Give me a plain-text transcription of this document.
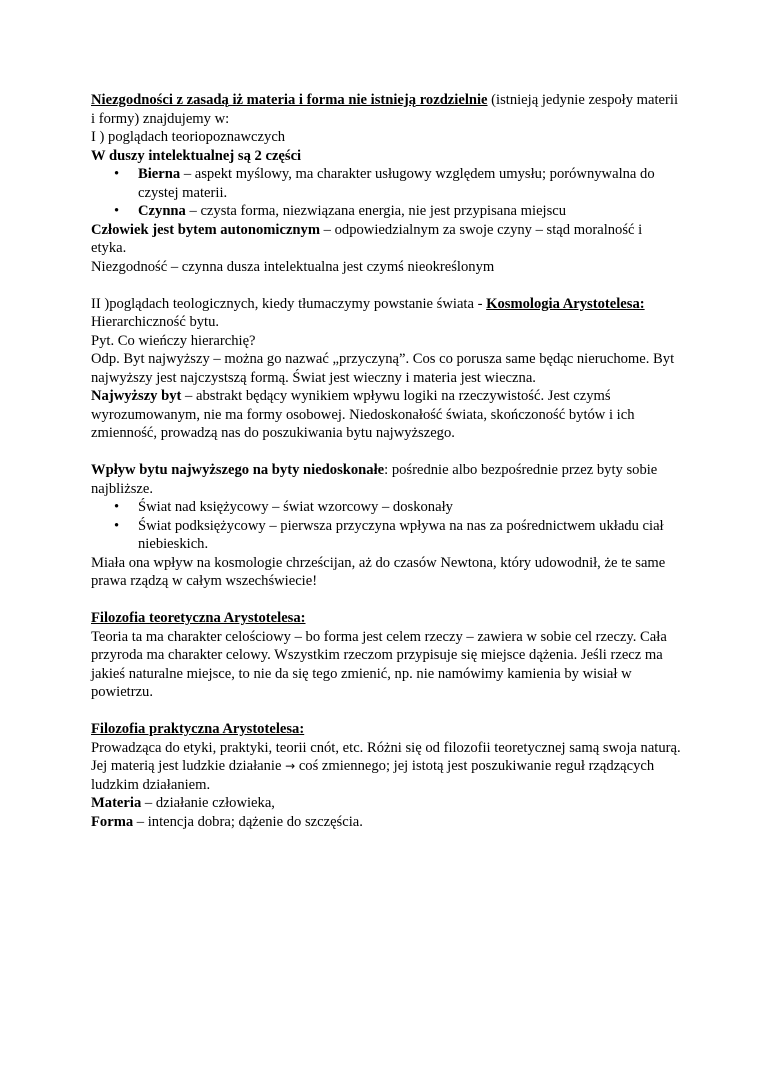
Niezgodności z zasadą iż materia i forma nie istnieją rozdzielnie (istnieją jedynie zespoły materii i formy) znajdujemy w:

I ) poglądach teoriopoznawczych

W duszy intelektualnej są 2 części

• Bierna – aspekt myślowy, ma charakter usługowy względem umysłu; porównywalna do czystej materii.
• Czynna – czysta forma, niezwiązana energia, nie jest przypisana miejscu

Człowiek jest bytem autonomicznym – odpowiedzialnym za swoje czyny – stąd moralność i etyka.

Niezgodność – czynna dusza intelektualna jest czymś nieokreślonym

II )poglądach teologicznych, kiedy tłumaczymy powstanie świata - Kosmologia Arystotelesa:

Hierarchiczność bytu.

Pyt. Co wieńczy hierarchię?

Odp. Byt najwyższy – można go nazwać „przyczyną”. Cos co porusza same będąc nieruchome. Byt najwyższy jest najczystszą formą. Świat jest wieczny i materia jest wieczna.

Najwyższy byt – abstrakt będący wynikiem wpływu logiki na rzeczywistość. Jest czymś wyrozumowanym, nie ma formy osobowej. Niedoskonałość świata, skończoność bytów i ich zmienność, prowadzą nas do poszukiwania bytu najwyższego.

Wpływ bytu najwyższego na byty niedoskonałe: pośrednie albo bezpośrednie przez byty sobie najbliższe.

• Świat nad księżycowy – świat wzorcowy – doskonały
• Świat podksiężycowy – pierwsza przyczyna wpływa na nas za pośrednictwem układu ciał niebieskich.

Miała ona wpływ na kosmologie chrześcijan, aż do czasów Newtona, który udowodnił, że te same prawa rządzą w całym wszechświecie!

Filozofia teoretyczna Arystotelesa:

Teoria ta ma charakter celościowy – bo forma jest celem rzeczy – zawiera w sobie cel rzeczy. Cała przyroda ma charakter celowy. Wszystkim rzeczom przypisuje się miejsce dążenia. Jeśli rzecz ma jakieś naturalne miejsce, to nie da się tego zmienić, np. nie namówimy kamienia by wisiał w powietrzu.

Filozofia praktyczna Arystotelesa:

Prowadząca do etyki, praktyki, teorii cnót, etc. Różni się od filozofii teoretycznej samą swoja naturą.

Jej materią jest ludzkie działanie → coś zmiennego; jej istotą jest poszukiwanie reguł rządzących ludzkim działaniem.

Materia – działanie człowieka,

Forma – intencja dobra; dążenie do szczęścia.
